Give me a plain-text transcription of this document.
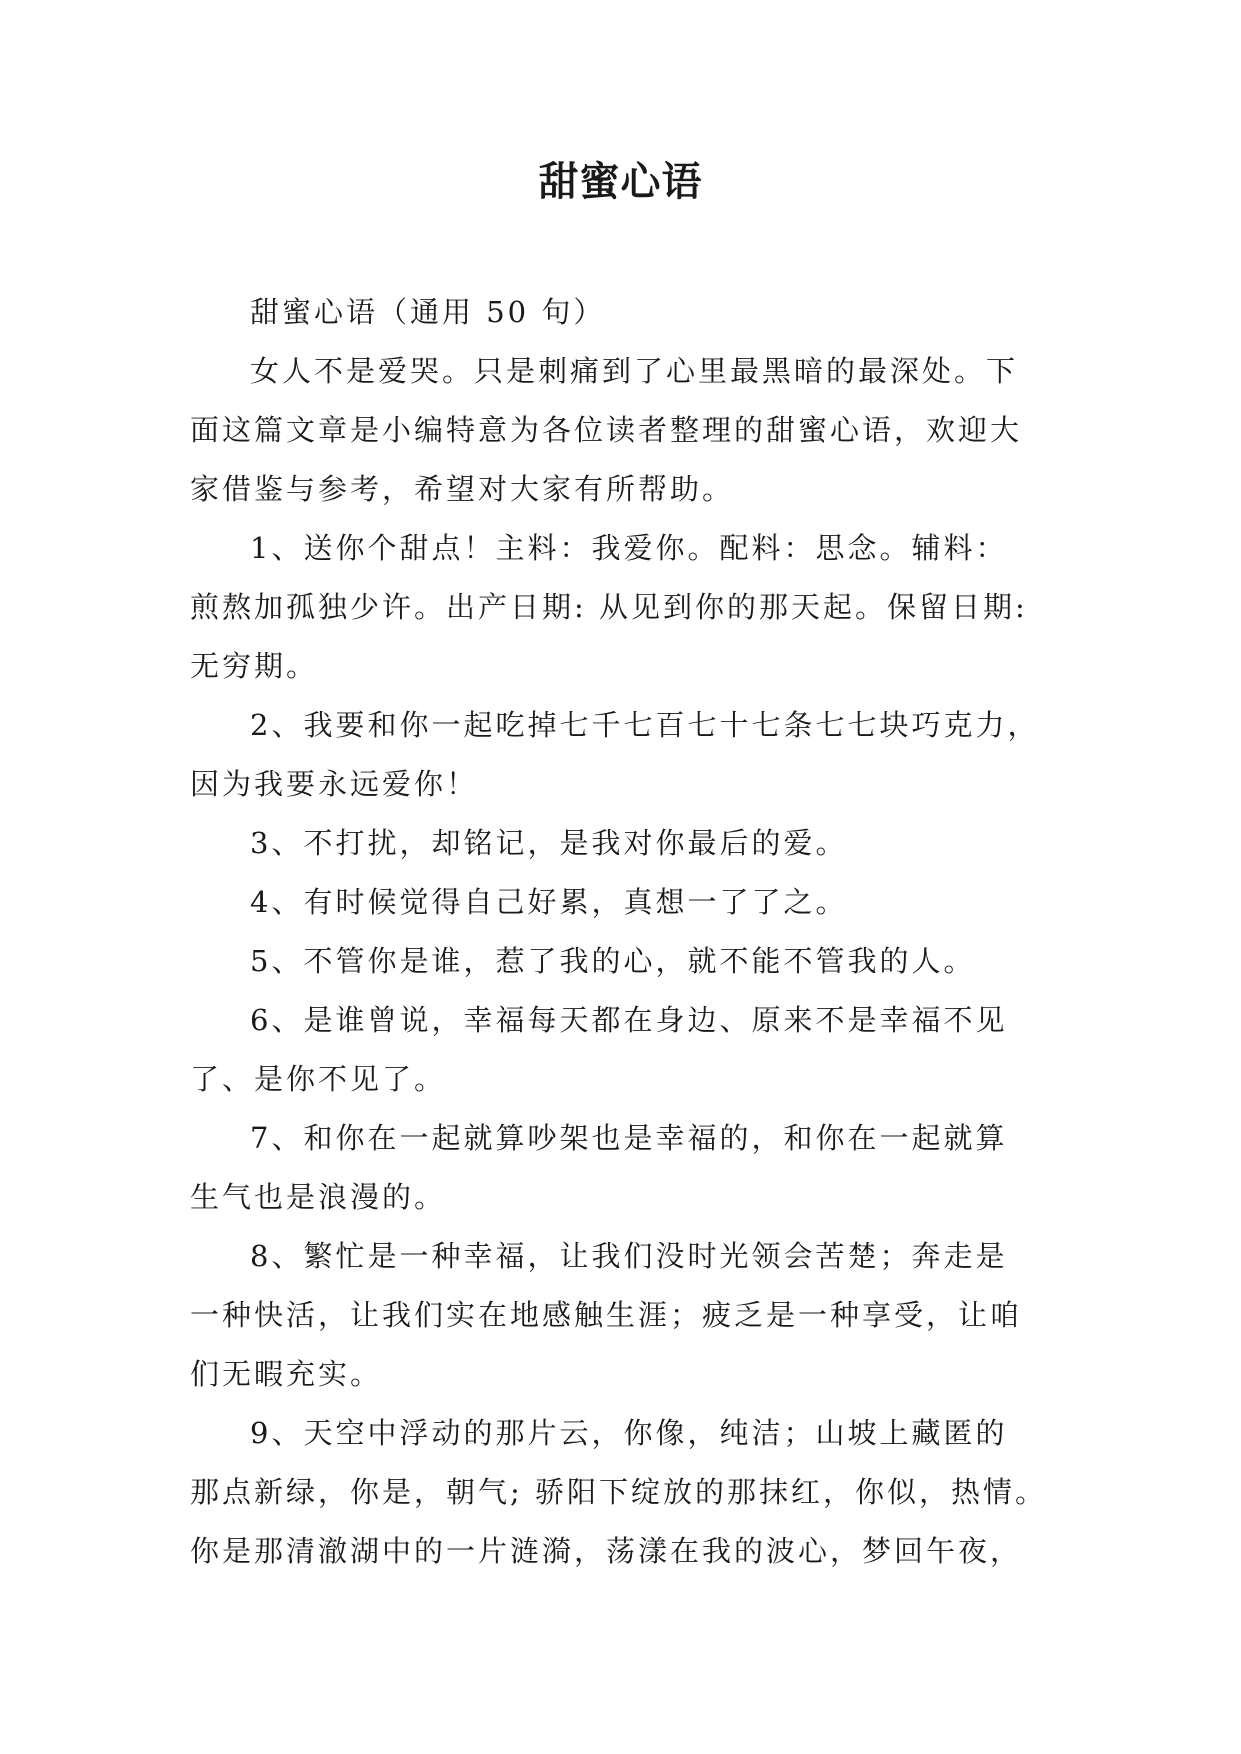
甜蜜心语
甜蜜心语（通用 50 句）
女人不是爱哭。只是刺痛到了心里最黑暗的最深处。下
面这篇文章是小编特意为各位读者整理的甜蜜心语，欢迎大
家借鉴与参考，希望对大家有所帮助。
1、送你个甜点！主料：我爱你。配料：思念。辅料：
煎熬加孤独少许。出产日期: 从见到你的那天起。保留日期:
无穷期。
2、我要和你一起吃掉七千七百七十七条七七块巧克力，
因为我要永远爱你！
3、不打扰，却铭记，是我对你最后的爱。
4、有时候觉得自己好累，真想一了了之。
5、不管你是谁，惹了我的心，就不能不管我的人。
6、是谁曾说，幸福每天都在身边、原来不是幸福不见
了、是你不见了。
7、和你在一起就算吵架也是幸福的，和你在一起就算
生气也是浪漫的。
8、繁忙是一种幸福，让我们没时光领会苦楚；奔走是
一种快活，让我们实在地感触生涯；疲乏是一种享受，让咱
们无暇充实。
9、天空中浮动的那片云，你像，纯洁；山坡上藏匿的
那点新绿，你是，朝气; 骄阳下绽放的那抹红，你似，热情。
你是那清澈湖中的一片涟漪，荡漾在我的波心，梦回午夜，
